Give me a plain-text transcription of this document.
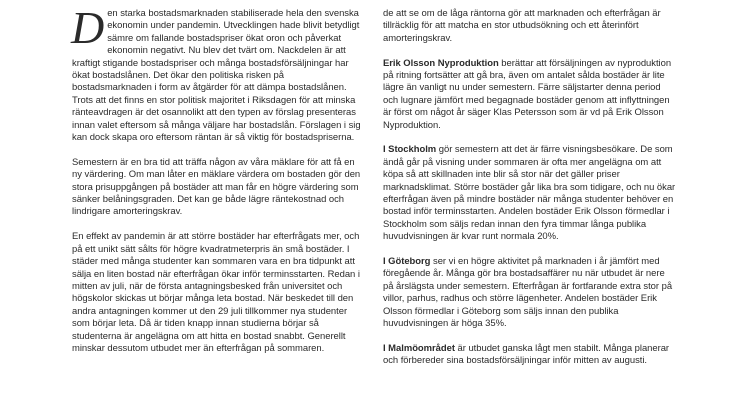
Den starka bostadsmarknaden stabiliserade hela den svenska ekonomin under pandemin. Utvecklingen hade blivit betydligt sämre om fallande bostadspriser ökat oron och påverkat ekonomin negativt. Nu blev det tvärt om. Nackdelen är att kraftigt stigande bostadspriser och många bostadsförsäljningar har ökat bostadslånen. Det ökar den politiska risken på bostadsmarknaden i form av åtgärder för att dämpa bostadslånen. Trots att det finns en stor politisk majoritet i Riksdagen för att minska ränteavdragen är det osannolikt att den typen av förslag presenteras innan valet eftersom så många väljare har bostadslån. Förslagen i sig kan dock skapa oro eftersom räntan är så viktig för bostadspriserna.

Semestern är en bra tid att träffa någon av våra mäklare för att få en ny värdering. Om man låter en mäklare värdera om bostaden gör den stora prisuppgången på bostäder att man får en högre värdering som sänker belåningsgraden. Det kan ge både lägre räntekostnad och lindrigare amorteringskrav.

En effekt av pandemin är att större bostäder har efterfrågats mer, och på ett unikt sätt sålts för högre kvadratmeterpris än små bostäder. I städer med många studenter kan sommaren vara en bra tidpunkt att sälja en liten bostad när efterfrågan ökar inför terminsstarten. Redan i mitten av juli, när de första antagningsbesked från universitet och högskolor skickas ut börjar många leta bostad. När beskedet till den andra antagningen kommer ut den 29 juli tillkommer nya studenter som börjar leta. Då är tiden knapp innan studierna börjar så studenterna är angelägna om att hitta en bostad snabbt. Generellt minskar dessutom utbudet mer än efterfrågan på sommaren.

de att se om de låga räntorna gör att marknaden och efterfrågan är tillräcklig för att matcha en stor utbudsökning och ett återinfört amorteringskrav.

Erik Olsson Nyproduktion berättar att försäljningen av nyproduktion på ritning fortsätter att gå bra, även om antalet sålda bostäder är lite lägre än vanligt nu under semestern. Färre säljstarter denna period och lugnare jämfört med begagnade bostäder genom att inflyttningen är först om något år säger Klas Petersson som är vd på Erik Olsson Nyproduktion.

I Stockholm gör semestern att det är färre visningsbesökare. De som ändå går på visning under sommaren är ofta mer angelägna om att köpa så att skillnaden inte blir så stor när det gäller priser marknadsklimat. Större bostäder går lika bra som tidigare, och nu ökar efterfrågan även på mindre bostäder när många studenter behöver en bostad inför terminsstarten. Andelen bostäder Erik Olsson förmedlar i Stockholm som säljs redan innan den fyra timmar långa publika huvudvisningen är kvar runt normala 20%.

I Göteborg ser vi en högre aktivitet på marknaden i år jämfört med föregående år. Många gör bra bostadsaffärer nu när utbudet är nere på årslägsta under semestern. Efterfrågan är fortfarande extra stor på villor, parhus, radhus och större lägenheter. Andelen bostäder Erik Olsson förmedlar i Göteborg som säljs innan den publika huvudvisningen är höga 35%.

I Malmöområdet är utbudet ganska lågt men stabilt. Många planerar och förbereder sina bostadsförsäljningar inför mitten av augusti.
